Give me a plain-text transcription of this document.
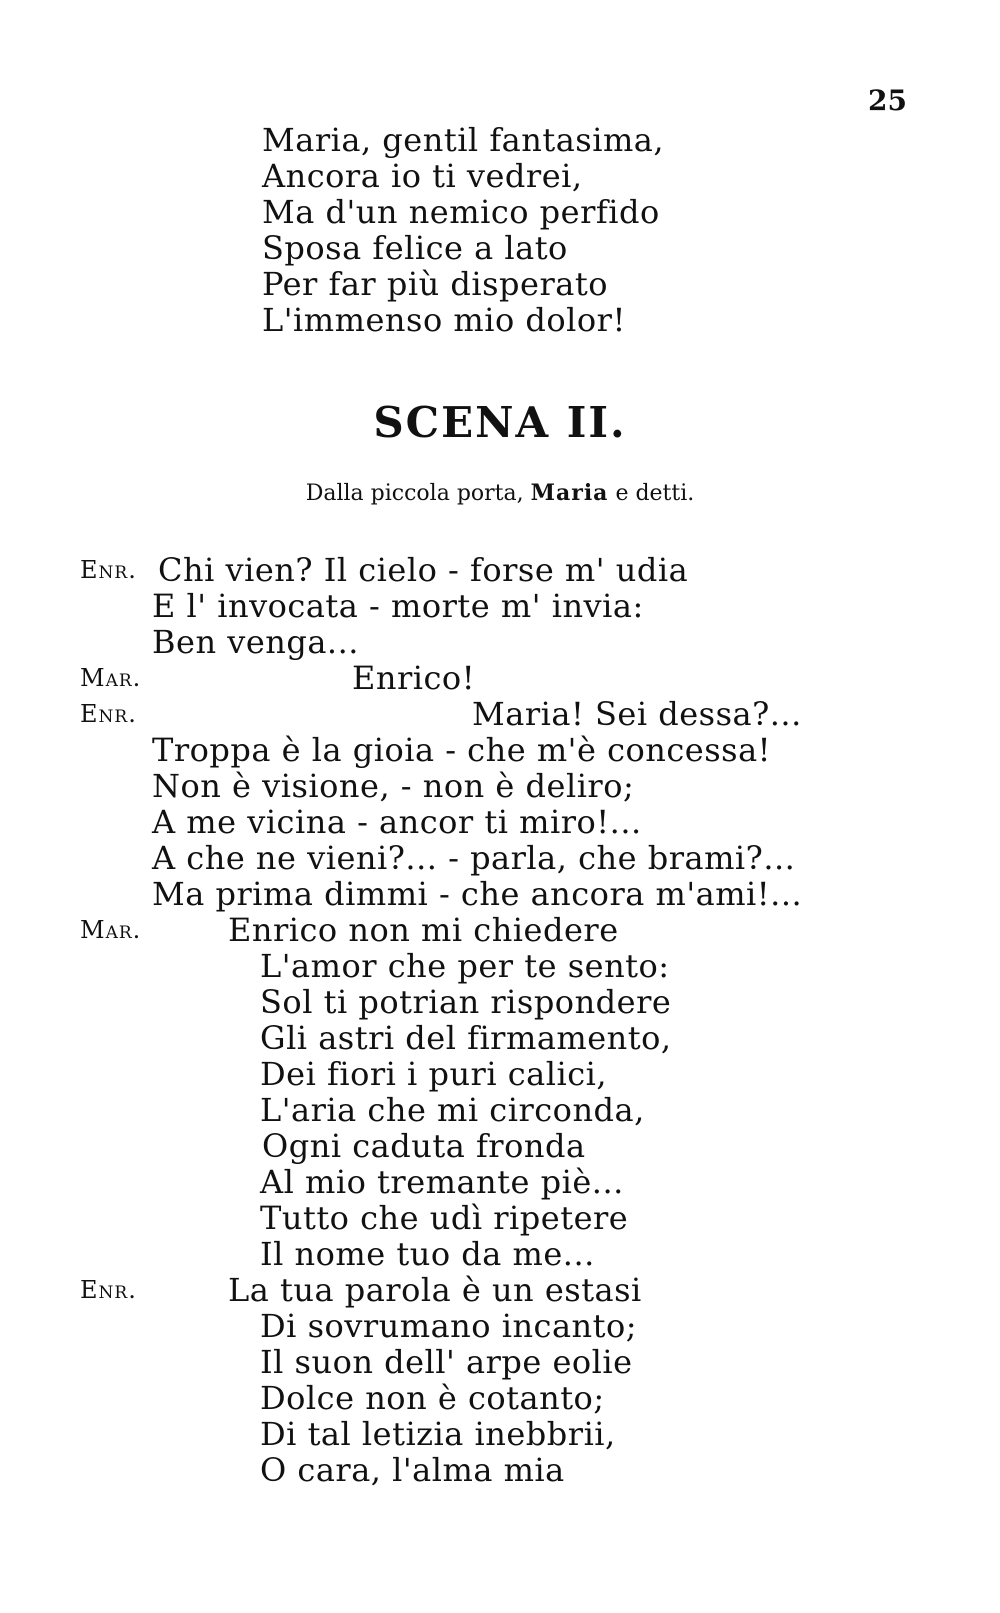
25
Maria, gentil fantasima,
Ancora io ti vedrei,
Ma d'un nemico perfido
Sposa felice a lato
Per far più disperato
L'immenso mio dolor!
SCENA II.
Dalla piccola porta, Maria e detti.
Enr. Chi vien? Il cielo - forse m' udia
E l' invocata - morte m' invia:
Ben venga...
Mar.	Enrico!
Enr.	Maria! Sei dessa?...
Troppa è la gioia - che m'è concessa!
Non è visione, - non è deliro;
A me vicina - ancor ti miro!...
A che ne vieni?... - parla, che brami?...
Ma prima dimmi - che ancora m'ami!...
Mar.	Enrico non mi chiedere
L'amor che per te sento:
Sol ti potrian rispondere
Gli astri del firmamento,
Dei fiori i puri calici,
L'aria che mi circonda,
Ogni caduta fronda
Al mio tremante piè...
Tutto che udì ripetere
Il nome tuo da me...
Enr.	La tua parola è un estasi
Di sovrumano incanto;
Il suon dell' arpe eolie
Dolce non è cotanto;
Di tal letizia inebbrii,
O cara, l'alma mia
